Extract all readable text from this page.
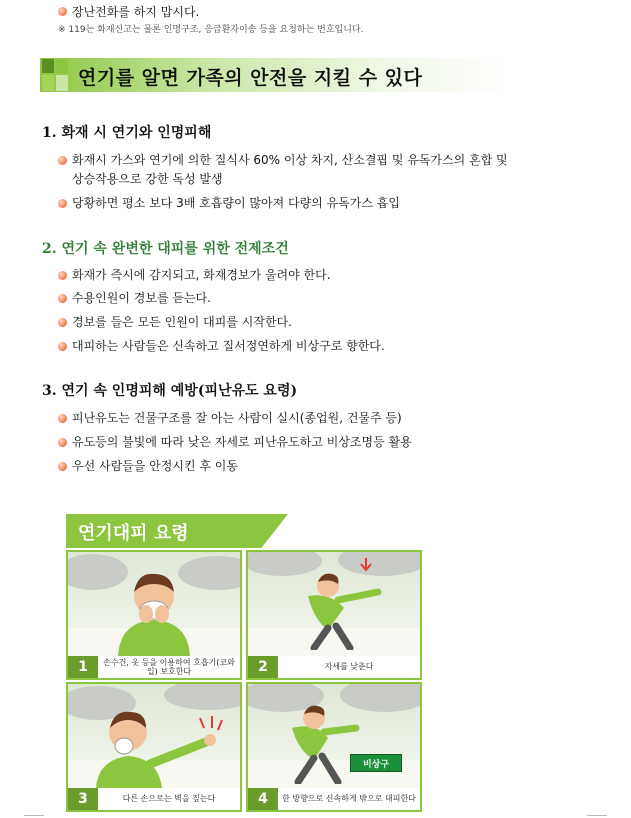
장난전화를 하지 맙시다.
※ 119는 화재신고는 물론 인명구조, 응급환자이송 등을 요청하는 번호입니다.
연기를 알면 가족의 안전을 지킬 수 있다
1. 화재 시 연기와 인명피해
화재시 가스와 연기에 의한 질식사 60% 이상 차지, 산소결핍 및 유독가스의 혼합 및
상승작용으로 강한 독성 발생
당황하면 평소 보다 3배 호흡량이 많아져 다량의 유독가스 흡입
2. 연기 속 완변한 대피를 위한 전제조건
화재가 즉시에 감지되고, 화재경보가 울려야 한다.
수용인원이 경보를 듣는다.
경보를 들은 모든 인원이 대피를 시작한다.
대피하는 사람들은 신속하고 질서정연하게 비상구로 향한다.
3. 연기 속 인명피해 예방(피난유도 요령)
피난유도는 건물구조를 잘 아는 사람이 실시(종업원, 건물주 등)
유도등의 불빛에 따라 낮은 자세로 피난유도하고 비상조명등 활용
우선 사람들을 안정시킨 후 이동
연기대피 요령
1	손수건, 옷 등을 이용하여 호흡기(코와 입) 보호한다	2	자세를 낮춘다
3	다른 손으로는 벽을 짚는다
비상구
4	한 방향으로 신속하게 밖으로 대피한다
